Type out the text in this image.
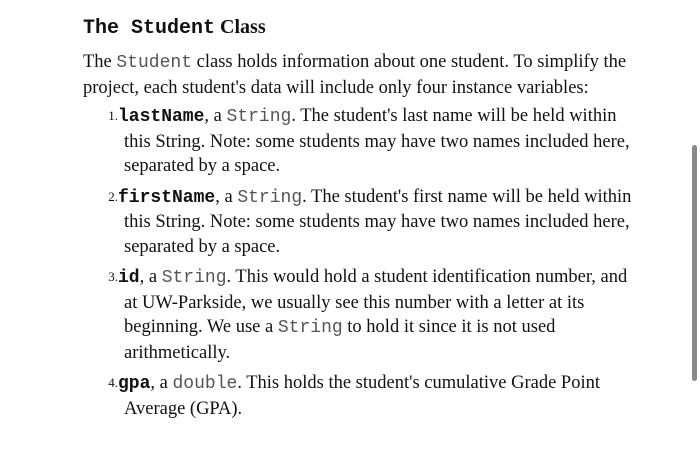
The Student Class

The Student class holds information about one student. To simplify the project, each student's data will include only four instance variables:

1. lastName, a String. The student's last name will be held within this String. Note: some students may have two names included here, separated by a space.
2. firstName, a String. The student's first name will be held within this String. Note: some students may have two names included here, separated by a space.
3. id, a String. This would hold a student identification number, and at UW-Parkside, we usually see this number with a letter at its beginning. We use a String to hold it since it is not used arithmetically.
4. gpa, a double. This holds the student's cumulative Grade Point Average (GPA).
